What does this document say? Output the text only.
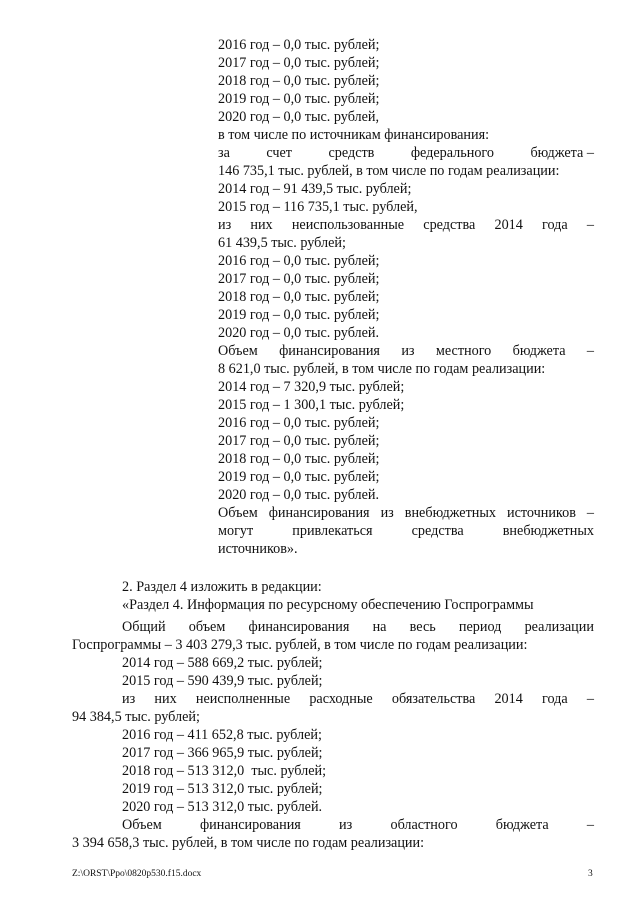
2016 год – 0,0 тыс. рублей;
2017 год – 0,0 тыс. рублей;
2018 год – 0,0 тыс. рублей;
2019 год – 0,0 тыс. рублей;
2020 год – 0,0 тыс. рублей,
в том числе по источникам финансирования:
за	счет	средств	федерального	бюджета –
146 735,1 тыс. рублей, в том числе по годам реализации:
2014 год – 91 439,5 тыс. рублей;
2015 год – 116 735,1 тыс. рублей,
из них неиспользованные средства 2014 года –
61 439,5 тыс. рублей;
2016 год – 0,0 тыс. рублей;
2017 год – 0,0 тыс. рублей;
2018 год – 0,0 тыс. рублей;
2019 год – 0,0 тыс. рублей;
2020 год – 0,0 тыс. рублей.
Объем финансирования из местного бюджета –
8 621,0 тыс. рублей, в том числе по годам реализации:
2014 год – 7 320,9 тыс. рублей;
2015 год – 1 300,1 тыс. рублей;
2016 год – 0,0 тыс. рублей;
2017 год – 0,0 тыс. рублей;
2018 год – 0,0 тыс. рублей;
2019 год – 0,0 тыс. рублей;
2020 год – 0,0 тыс. рублей.
Объем финансирования из внебюджетных источников –
могут	привлекаться	средства	внебюджетных
источников».
2. Раздел 4 изложить в редакции:
«Раздел 4. Информация по ресурсному обеспечению Госпрограммы
Общий объем финансирования на весь период реализации
Госпрограммы – 3 403 279,3 тыс. рублей, в том числе по годам реализации:
2014 год – 588 669,2 тыс. рублей;
2015 год – 590 439,9 тыс. рублей;
из них неисполненные расходные обязательства 2014 года –
94 384,5 тыс. рублей;
2016 год – 411 652,8 тыс. рублей;
2017 год – 366 965,9 тыс. рублей;
2018 год – 513 312,0  тыс. рублей;
2019 год – 513 312,0 тыс. рублей;
2020 год – 513 312,0 тыс. рублей.
Объем	финансирования	из	областного	бюджета	–
3 394 658,3 тыс. рублей, в том числе по годам реализации:
Z:\ORST\Ppo\0820p530.f15.docx	3
